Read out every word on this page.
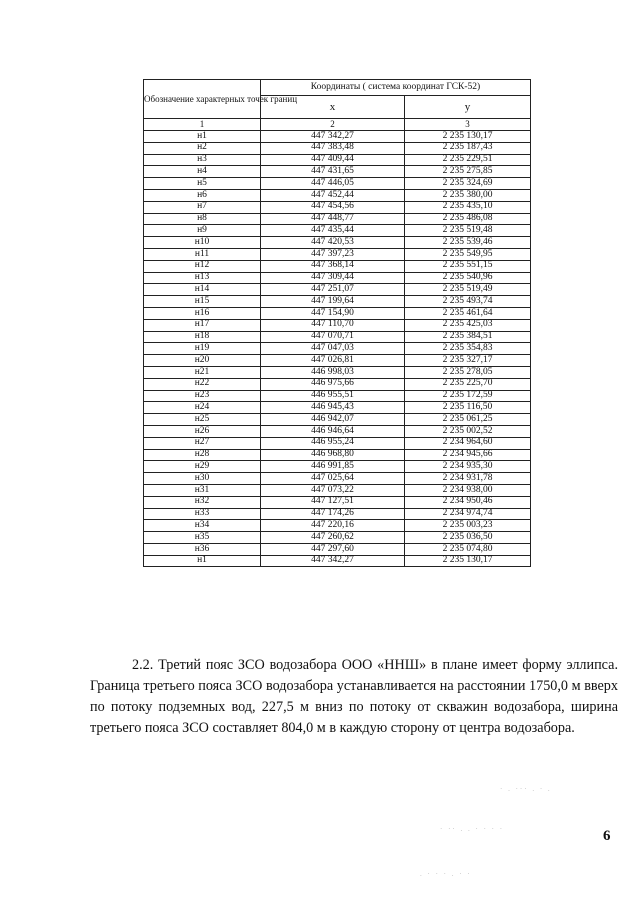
Обозначение характерных точек границ	Координаты ( система координат ГСК-52)	
	x	у
1	2	3
н1	447 342,27	2 235 130,17
н2	447 383,48	2 235 187,43
н3	447 409,44	2 235 229,51
н4	447 431,65	2 235 275,85
н5	447 446,05	2 235 324,69
н6	447 452,44	2 235 380,00
н7	447 454,56	2 235 435,10
н8	447 448,77	2 235 486,08
н9	447 435,44	2 235 519,48
н10	447 420,53	2 235 539,46
н11	447 397,23	2 235 549,95
н12	447 368,14	2 235 551,15
н13	447 309,44	2 235 540,96
н14	447 251,07	2 235 519,49
н15	447 199,64	2 235 493,74
н16	447 154,90	2 235 461,64
н17	447 110,70	2 235 425,03
н18	447 070,71	2 235 384,51
н19	447 047,03	2 235 354,83
н20	447 026,81	2 235 327,17
н21	446 998,03	2 235 278,05
н22	446 975,66	2 235 225,70
н23	446 955,51	2 235 172,59
н24	446 945,43	2 235 116,50
н25	446 942,07	2 235 061,25
н26	446 946,64	2 235 002,52
н27	446 955,24	2 234 964,60
н28	446 968,80	2 234 945,66
н29	446 991,85	2 234 935,30
н30	447 025,64	2 234 931,78
н31	447 073,22	2 234 938,00
н32	447 127,51	2 234 950,46
н33	447 174,26	2 234 974,74
н34	447 220,16	2 235 003,23
н35	447 260,62	2 235 036,50
н36	447 297,60	2 235 074,80
н1	447 342,27	2 235 130,17

2.2. Третий пояс ЗСО водозабора ООО «ННШ» в плане имеет форму эллипса. Граница третьего пояса ЗСО водозабора устанавливается на расстоянии 1750,0 м вверх по потоку подземных вод, 227,5 м вниз по потоку от скважин водозабора, ширина третьего пояса ЗСО составляет 804,0 м в каждую сторону от центра водозабора.

6
· . ··· . · .
· ·· . . · · · ·
. · · · . · ·
